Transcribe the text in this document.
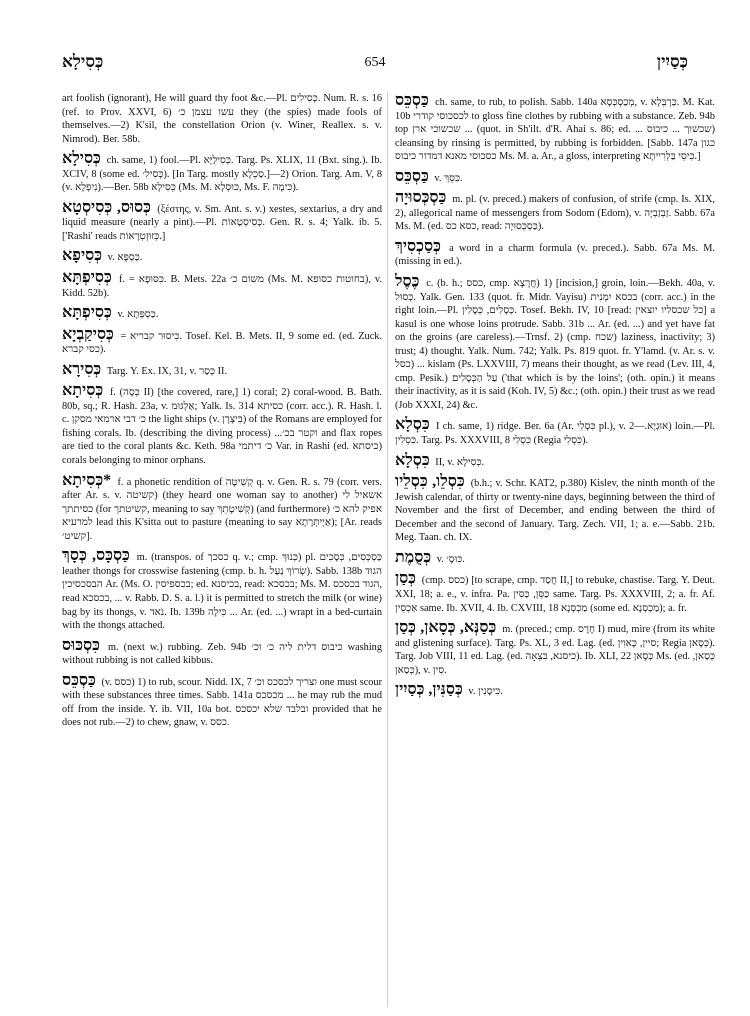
כְּסִילָא	654	כְּסַיִין

art foolish (ignorant), He will guard thy foot &c.—Pl. כְּסִילִים. Num. R. s. 16 (ref. to Prov. XXVI, 6) עשו עצמן כ׳ they (the spies) made fools of themselves.—2) K'sil, the constellation Orion (v. Winer, Reallex. s. v. Nimrod). Ber. 58b.

כְּסִילָא ch. same, 1) fool.—Pl. כְּסִילַיָּא. Targ. Ps. XLIX, 11 (Bxt. sing.). Ib. XCIV, 8 (some ed. כְּסִילִ׳). [In Targ. mostly סַכְלָא.]—2) Orion. Targ. Am. V, 8 (v. נִיפְלָא).—Ber. 58b כְּסִילָא (Ms. M. כּוּסְלָא, Ms. F. כִּימָה).

כְּסוּס, כְּסִיסְטָא (ξέστης, v. Sm. Ant. s. v.) xestes, sextarius, a dry and liquid measure (nearly a pint).—Pl. כְּסִיסְטָאוֹת. Gen. R. s. 4; Yalk. ib. 5. ['Rashi' reads כְּזוּזְטְרָאוֹת.]

כְּסִיפָא v. כַּסְפָּא.

כְּסִיפְתָּא f. = כִּסּוּפָא. B. Mets. 22a משום כ׳ (Ms. M. בחוטות כסופא), v. Kidd. 52b).

כְּסִיפְתָּא v. כַּסְפְּתָא.

כְּסִיקַבְיָא = כִּיסוּר קבריא. Tosef. Kel. B. Mets. II, 9 some ed. (ed. Zuck. כסי קברא).

כְּסִירָא Targ. Y. Ex. IX, 31, v. כְּסַר II.

כְּסִיתָא f. (כְּסָה II) [the covered, rare,] 1) coral; 2) coral-wood. B. Bath. 80b, sq.; R. Hash. 23a, v. אַלְגּוּמ; Yalk. Is. 314 כסיתא (corr. acc.). R. Hash. l. c. כ׳ דבי ארמאי מסקן the light ships (v. בִּיצְרָן) of the Romans are employed for fishing corals. Ib. (describing the diving process) ...וקטר בכ׳ and flax ropes are tied to the coral plants &c. Keth. 98a כ׳ דיתמי Var. in Rashi (ed. כיסתא) corals belonging to minor orphans.

*כְּסִיתָא f. a phonetic rendition of קְשִׁיטָה q. v. Gen. R. s. 79 (corr. vers. after Ar. s. v. קשיטה) (they heard one woman say to another) אשאיל לי כסיתתך (for קשיטתך, meaning to say קְשִׁיטָתֵךְ) (and furthermore) אפיק להא כ׳ למרעיא lead this K'sitta out to pasture (meaning to say אַיְיתְּרָתָא); [Ar. reads קשיט׳].

כַּסְכָּס, כְּסָךְ m. (transpos. of כסכך q. v.; cmp. כְּנוּךְ) pl. כַּסְכְּסִים, כְּסָכִים leather thongs for crosswise fastening (cmp. b. h. שְׂרוֹךְ נַעַל). Sabb. 138b הגוד הבסכסיכין Ar. (Ms. O. בכספיסין; ed. בכיסנא, read: בכסכא; Ms. M. הגוד בכסכס, read בכסכא, ... v. Rabb. D. S. a. l.) it is permitted to stretch the milk (or wine) bag by its thongs, v. נֹאד. Ib. 139b כִּילָה ... Ar. (ed. ...) wrapt in a bed-curtain with the thongs attached.

כִּסְכּוּס m. (next w.) rubbing. Zeb. 94b כיבוס דלית ליה כ׳ וכ׳ washing without rubbing is not called kibbus.

כַּסְכֵּס (v. כסס) 1) to rub, scour. Nidd. IX, 7 וצריך לכסכס וכ׳ one must scour with these substances three times. Sabb. 141a מכסכס ... he may rub the mud off from the inside. Y. ib. VII, 10a bot. ובלבד שלא יכסכס provided that he does not rub.—2) to chew, gnaw, v. כסס.

כַּסְכֵּס ch. same, to rub, to polish. Sabb. 140a מְכַסְכְּסָא, v. כַּרְבְּלָא. M. Kat. 10b לכסכוסי קודרי to gloss fine clothes by rubbing with a substance. Zeb. 94b top שכשוכי ארן ... (quot. in Sh'ilt. d'R. Ahai s. 86; ed. ... שכשוך ... כיבוס) cleansing by rinsing is permitted, by rubbing is forbidden. [Sabb. 147a כגון כסכוסי מאנא דמדור כיבוס Ms. M. a. Ar., a gloss, interpreting כִּיסֵי בַּלְרִייתָא.]

כַּסְכֵּס v. כִּסֵּךְ.

כַּסְכְּסוּיָה m. pl. (v. preced.) makers of confusion, of strife (cmp. Is. XIX, 2), allegorical name of messengers from Sodom (Edom), v. זַבְזַבְיָה. Sabb. 67a Ms. M. (ed. כסא כס, read: כַּסְכְּסוּיָה).

כְּסַכְסִיךְ a word in a charm formula (v. preced.). Sabb. 67a Ms. M. (missing in ed.).

כֶּסֶל c. (b. h.; כסס, cmp. חֲרָצָא) 1) [incision,] groin, loin.—Bekh. 40a, v. כְּסוּל. Yalk. Gen. 133 (quot. fr. Midr. Vayisu) בכסא יִמְנִית (corr. acc.) in the right loin.—Pl. כְּסָלִים, כְּסָלִין. Tosef. Bekh. IV, 10 [read: כל שכסליו יוצאין] a kasul is one whose loins protrude. Sabb. 31b ... Ar. (ed. ...) and yet have fat on the groins (are careless).—Trnsf. 2) (cmp. שכח) laziness, inactivity; 3) trust; 4) thought. Yalk. Num. 742; Yalk. Ps. 819 quot. fr. Y'lamd. (v. Ar. s. v. כסל) ... kislam (Ps. LXXVIII, 7) means their thought, as we read (Lev. III, 4, cmp. Pesik.) עַל הַכְּסָלִים ('that which is by the loins'; (oth. opin.) it means their inactivity, as it is said (Koh. IV, 5) &c.; (oth. opin.) their trust as we read (Job XXXI, 24) &c.

כִּסְלָא I ch. same, 1) ridge. Ber. 6a (Ar. כִּסְלֵי pl.), v. אוּגְיָא.—2) loin.—Pl. כִּסְלִין. Targ. Ps. XXXVIII, 8 כִּסְלִי (Regia כִּסְלִי).

כִּסְלָא II, v. כְּסִילָא.

כִּסְלֵו, כִּסְלֵיו (b.h.; v. Schr. KAT2, p.380) Kislev, the ninth month of the Jewish calendar, of thirty or twenty-nine days, beginning between the third of November and the first of December, and ending between the third of December and the second of January. Targ. Zech. VII, 1; a. e.—Sabb. 21b. Meg. Taan. ch. IX.

כְּסֻמֶת v. כּוּסֶ׳.

כְּסַן (cmp. כסס) [to scrape, cmp. חֲסַד II,] to rebuke, chastise. Targ. Y. Deut. XXI, 18; a. e., v. infra. Pa. כַּסֵּן, כַּסִּין same. Targ. Ps. XXXVIII, 2; a. fr. Af. אַכְסֵין same. Ib. XVII, 4. Ib. CXVIII, 18 מַכְסְנָא (some ed. מַכְסְנָא); a. fr.

כְּסַנְּא, כְּסָאן, כְּסַן m. (preced.; cmp. חֶרֶס I) mud, mire (from its white and glistening surface). Targ. Ps. XL, 3 ed. Lag. (ed. סיין, כָּאוִין; Regia כְּסָאן). Targ. Job VIII, 11 ed. Lag. (ed. כיסנא, בִּצְאָה). Ib. XLI, 22 כְּסָאן Ms. (ed. כְּסַאן, כְּסַאן), v. סִין.

כְּסַנִּין, כְּסַיִין v. כִּיסָנִין.
